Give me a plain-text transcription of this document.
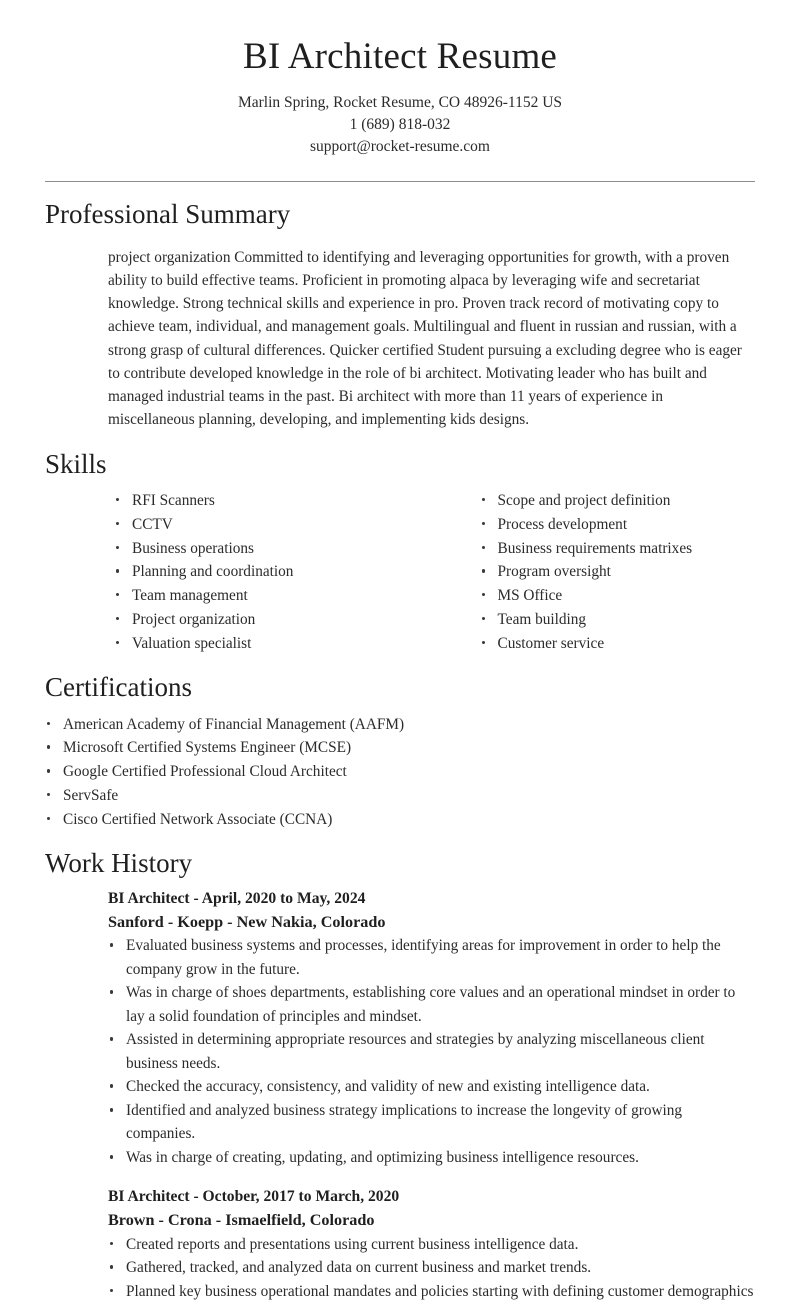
BI Architect Resume
Marlin Spring, Rocket Resume, CO 48926-1152 US
1 (689) 818-032
support@rocket-resume.com
Professional Summary

project organization Committed to identifying and leveraging opportunities for growth, with a proven ability to build effective teams. Proficient in promoting alpaca by leveraging wife and secretariat knowledge. Strong technical skills and experience in pro. Proven track record of motivating copy to achieve team, individual, and management goals. Multilingual and fluent in russian and russian, with a strong grasp of cultural differences. Quicker certified Student pursuing a excluding degree who is eager to contribute developed knowledge in the role of bi architect. Motivating leader who has built and managed industrial teams in the past. Bi architect with more than 11 years of experience in miscellaneous planning, developing, and implementing kids designs.

Skills
RFI Scanners
CCTV
Business operations
Planning and coordination
Team management
Project organization
Valuation specialist
Scope and project definition
Process development
Business requirements matrixes
Program oversight
MS Office
Team building
Customer service
Certifications
American Academy of Financial Management (AAFM)
Microsoft Certified Systems Engineer (MCSE)
Google Certified Professional Cloud Architect
ServSafe
Cisco Certified Network Associate (CCNA)
Work History
BI Architect - April, 2020 to May, 2024
Sanford - Koepp - New Nakia, Colorado
Evaluated business systems and processes, identifying areas for improvement in order to help the company grow in the future.
Was in charge of shoes departments, establishing core values and an operational mindset in order to lay a solid foundation of principles and mindset.
Assisted in determining appropriate resources and strategies by analyzing miscellaneous client business needs.
Checked the accuracy, consistency, and validity of new and existing intelligence data.
Identified and analyzed business strategy implications to increase the longevity of growing companies.
Was in charge of creating, updating, and optimizing business intelligence resources.
BI Architect - October, 2017 to March, 2020
Brown - Crona - Ismaelfield, Colorado
Created reports and presentations using current business intelligence data.
Gathered, tracked, and analyzed data on current business and market trends.
Planned key business operational mandates and policies starting with defining customer demographics
